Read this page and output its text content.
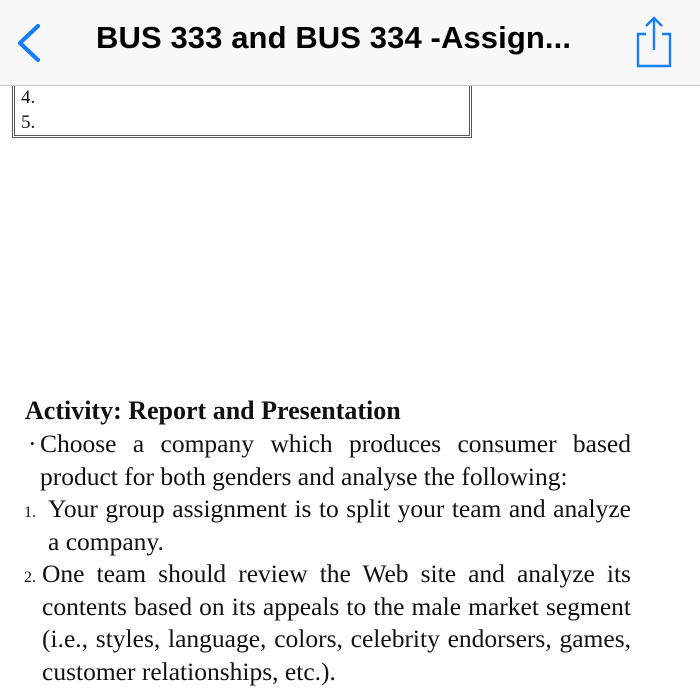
BUS 333 and BUS 334 -Assign...
4.
5.
Activity: Report and Presentation
· Choose a company which produces consumer based product for both genders and analyse the following:
1. Your group assignment is to split your team and analyze a company.
2. One team should review the Web site and analyze its contents based on its appeals to the male market segment (i.e., styles, language, colors, celebrity endorsers, games, customer relationships, etc.).
